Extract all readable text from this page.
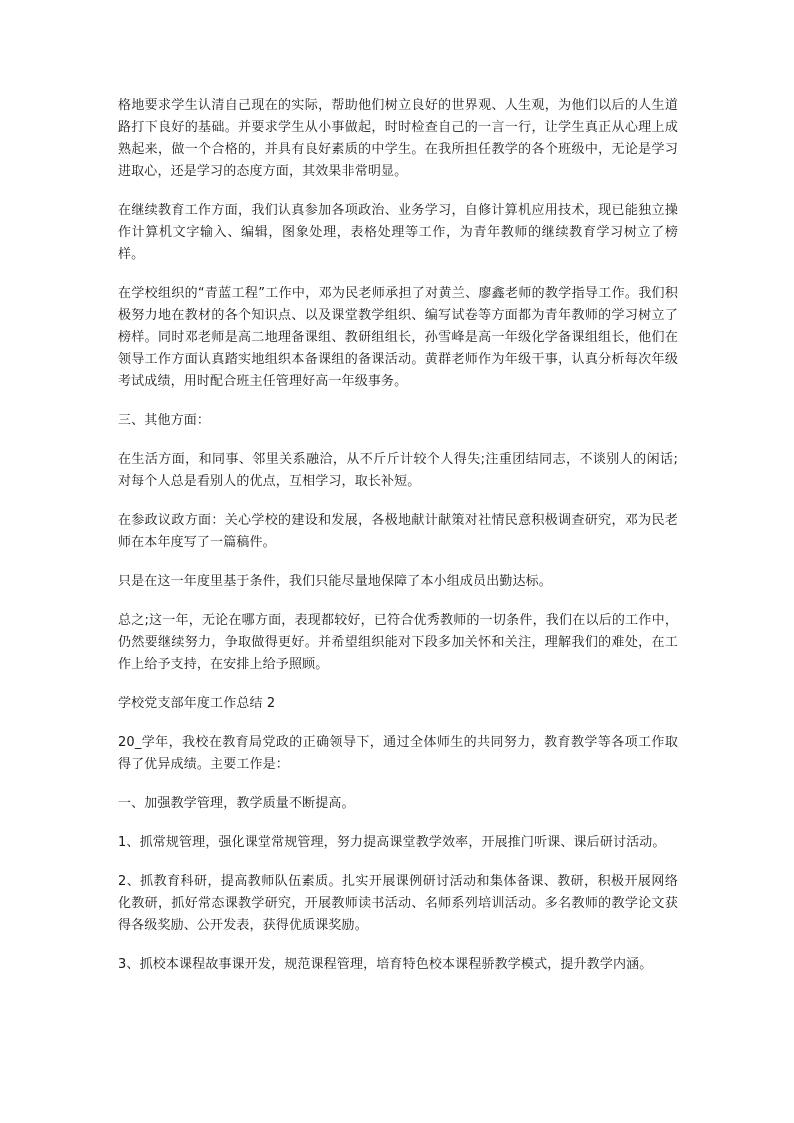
格地要求学生认清自己现在的实际，帮助他们树立良好的世界观、人生观，为他们以后的人生道路打下良好的基础。并要求学生从小事做起，时时检查自己的一言一行，让学生真正从心理上成熟起来，做一个合格的，并具有良好素质的中学生。在我所担任教学的各个班级中，无论是学习进取心，还是学习的态度方面，其效果非常明显。

在继续教育工作方面，我们认真参加各项政治、业务学习，自修计算机应用技术，现已能独立操作计算机文字输入、编辑，图象处理，表格处理等工作，为青年教师的继续教育学习树立了榜样。

在学校组织的“青蓝工程”工作中，邓为民老师承担了对黄兰、廖鑫老师的教学指导工作。我们积极努力地在教材的各个知识点、以及课堂教学组织、编写试卷等方面都为青年教师的学习树立了榜样。同时邓老师是高二地理备课组、教研组组长，孙雪峰是高一年级化学备课组组长，他们在领导工作方面认真踏实地组织本备课组的备课活动。黄群老师作为年级干事，认真分析每次年级考试成绩，用时配合班主任管理好高一年级事务。

三、其他方面：

在生活方面，和同事、邻里关系融洽，从不斤斤计较个人得失;注重团结同志，不谈别人的闲话;对每个人总是看别人的优点，互相学习，取长补短。

在参政议政方面：关心学校的建设和发展，各极地献计献策对社情民意积极调查研究，邓为民老师在本年度写了一篇稿件。

只是在这一年度里基于条件，我们只能尽量地保障了本小组成员出勤达标。

总之;这一年，无论在哪方面，表现都较好，已符合优秀教师的一切条件，我们在以后的工作中，仍然要继续努力，争取做得更好。并希望组织能对下段多加关怀和关注，理解我们的难处，在工作上给予支持，在安排上给予照顾。

学校党支部年度工作总结 2

20_学年，我校在教育局党政的正确领导下，通过全体师生的共同努力，教育教学等各项工作取得了优异成绩。主要工作是：

一、加强教学管理，教学质量不断提高。

1、抓常规管理，强化课堂常规管理，努力提高课堂教学效率，开展推门听课、课后研讨活动。

2、抓教育科研，提高教师队伍素质。扎实开展课例研讨活动和集体备课、教研，积极开展网络化教研，抓好常态课教学研究，开展教师读书活动、名师系列培训活动。多名教师的教学论文获得各级奖励、公开发表，获得优质课奖励。

3、抓校本课程故事课开发，规范课程管理，培育特色校本课程骄教学模式，提升教学内涵。
